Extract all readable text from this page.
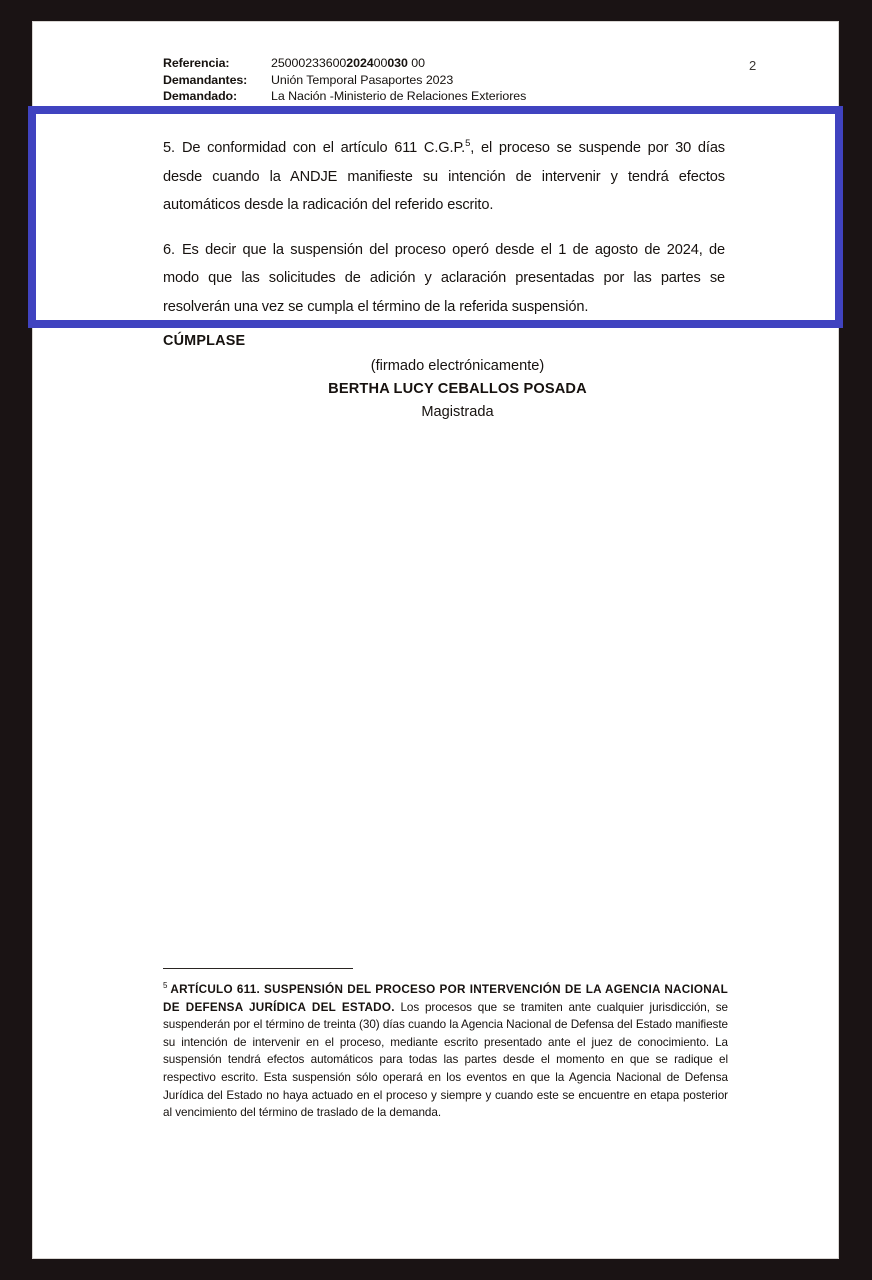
Referencia:	25000233600202400030 00
Demandantes:	Unión Temporal Pasaportes 2023
Demandado:	La Nación -Ministerio de Relaciones Exteriores
2

5. De conformidad con el artículo 611 C.G.P.$^5$, el proceso se suspende por 30 días desde cuando la ANDJE manifieste su intención de intervenir y tendrá efectos automáticos desde la radicación del referido escrito.

6. Es decir que la suspensión del proceso operó desde el 1 de agosto de 2024, de modo que las solicitudes de adición y aclaración presentadas por las partes se resolverán una vez se cumpla el término de la referida suspensión.

CÚMPLASE
(firmado electrónicamente)
BERTHA LUCY CEBALLOS POSADA
Magistrada
$^5$ ARTÍCULO 611. SUSPENSIÓN DEL PROCESO POR INTERVENCIÓN DE LA AGENCIA NACIONAL DE DEFENSA JURÍDICA DEL ESTADO. Los procesos que se tramiten ante cualquier jurisdicción, se suspenderán por el término de treinta (30) días cuando la Agencia Nacional de Defensa del Estado manifieste su intención de intervenir en el proceso, mediante escrito presentado ante el juez de conocimiento. La suspensión tendrá efectos automáticos para todas las partes desde el momento en que se radique el respectivo escrito. Esta suspensión sólo operará en los eventos en que la Agencia Nacional de Defensa Jurídica del Estado no haya actuado en el proceso y siempre y cuando este se encuentre en etapa posterior al vencimiento del término de traslado de la demanda.
